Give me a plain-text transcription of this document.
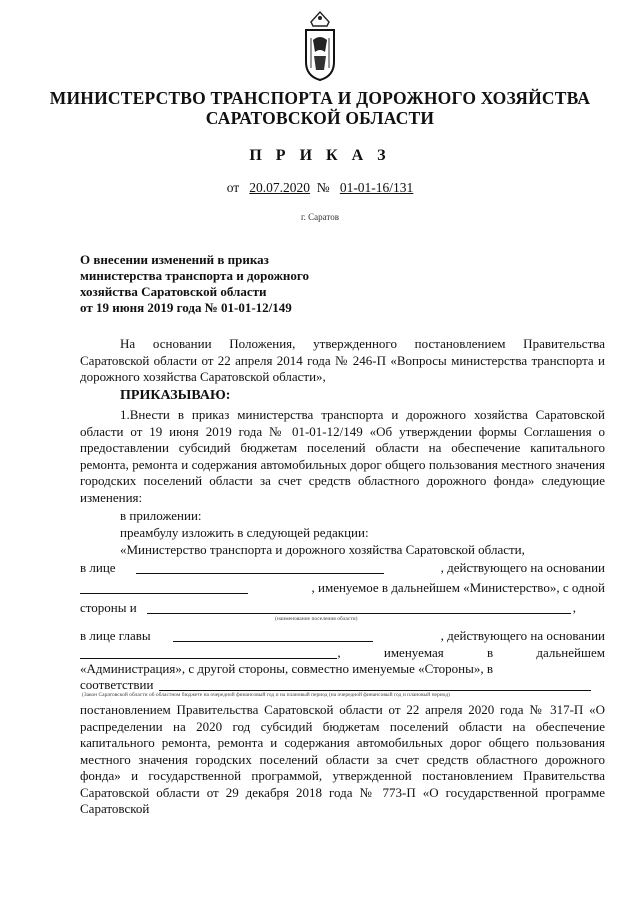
МИНИСТЕРСТВО ТРАНСПОРТА И ДОРОЖНОГО ХОЗЯЙСТВА
САРАТОВСКОЙ ОБЛАСТИ
П Р И К А З
от 20.07.2020 № 01-01-16/131
г. Саратов
О внесении изменений в приказ
министерства транспорта и дорожного
хозяйства Саратовской области
от 19 июня 2019 года № 01-01-12/149
На основании Положения, утвержденного постановлением Правительства Саратовской области от 22 апреля 2014 года № 246-П «Вопросы министерства транспорта и дорожного хозяйства Саратовской области»,
ПРИКАЗЫВАЮ:
1.Внести в приказ министерства транспорта и дорожного хозяйства Саратовской области от 19 июня 2019 года № 01-01-12/149 «Об утверждении формы Соглашения о предоставлении субсидий бюджетам поселений области на обеспечение капитального ремонта, ремонта и содержания автомобильных дорог общего пользования местного значения городских поселений области за счет средств областного дорожного фонда» следующие изменения:
в приложении:
преамбулу изложить в следующей редакции:
«Министерство транспорта и дорожного хозяйства Саратовской области,
в лице	, действующего на основании
, именуемое в дальнейшем «Министерство», с одной
стороны и	,
(наименование поселения области)
в лице главы	, действующего на основании
, именуемая в дальнейшем
«Администрация», с другой стороны, совместно именуемые «Стороны», в
соответствии
(Закон Саратовской области об областном бюджете на очередной финансовый год и на плановый период (на очередной финансовый год и плановый период)
постановлением Правительства Саратовской области от 22 апреля 2020 года № 317-П «О распределении на 2020 год субсидий бюджетам поселений области на обеспечение капитального ремонта, ремонта и содержания автомобильных дорог общего пользования местного значения городских поселений области за счет средств областного дорожного фонда» и государственной программой, утвержденной постановлением Правительства Саратовской области от 29 декабря 2018 года № 773-П «О государственной программе Саратовской
